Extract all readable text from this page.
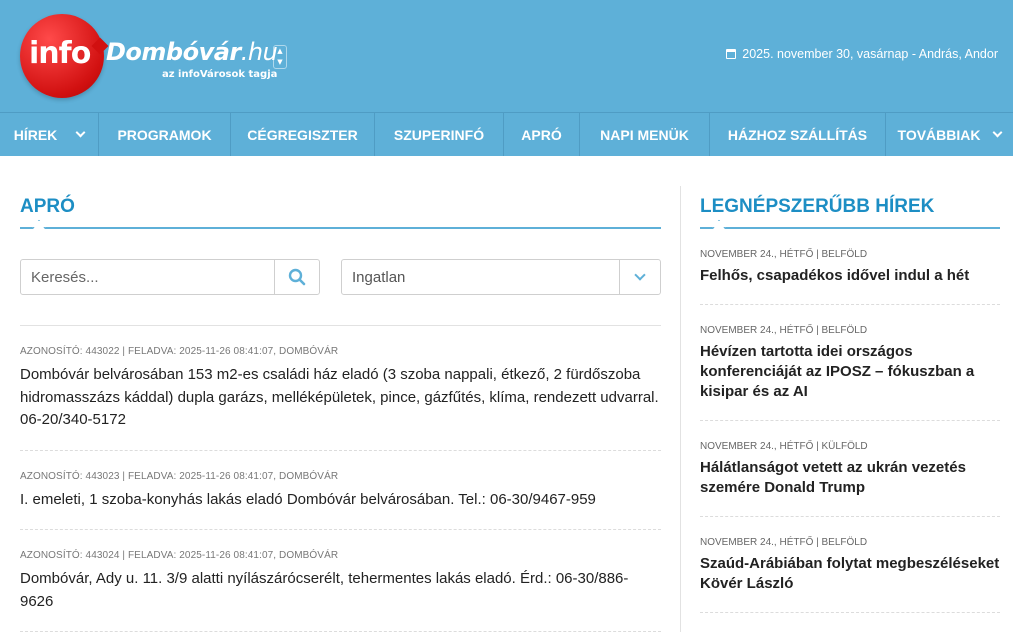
info Dombóvár.hu
az infoVárosok tagja
▲
▼
2025. november 30, vasárnap - András, Andor
HÍREK	PROGRAMOK	CÉGREGISZTER	SZUPERINFÓ	APRÓ	NAPI MENÜK	HÁZHOZ SZÁLLÍTÁS TOVÁBBIAK
APRÓ
Keresés...
Ingatlan
AZONOSÍTÓ: 443022 | FELADVA: 2025-11-26 08:41:07, DOMBÓVÁR
Dombóvár belvárosában 153 m2-es családi ház eladó (3 szoba nappali, étkező, 2 fürdőszoba hidromasszázs káddal) dupla garázs, melléképületek, pince, gázfűtés, klíma, rendezett udvarral. 06-20/340-5172
AZONOSÍTÓ: 443023 | FELADVA: 2025-11-26 08:41:07, DOMBÓVÁR
I. emeleti, 1 szoba-konyhás lakás eladó Dombóvár belvárosában. Tel.: 06-30/9467-959
AZONOSÍTÓ: 443024 | FELADVA: 2025-11-26 08:41:07, DOMBÓVÁR
Dombóvár, Ady u. 11. 3/9 alatti nyílászárócserélt, tehermentes lakás eladó. Érd.: 06-30/886-9626
LEGNÉPSZERŰBB HÍREK
NOVEMBER 24., HÉTFŐ | BELFÖLD
Felhős, csapadékos idővel indul a hét
NOVEMBER 24., HÉTFŐ | BELFÖLD
Hévízen tartotta idei országos konferenciáját az IPOSZ – fókuszban a kisipar és az AI
NOVEMBER 24., HÉTFŐ | KÜLFÖLD
Hálátlanságot vetett az ukrán vezetés szemére Donald Trump
NOVEMBER 24., HÉTFŐ | BELFÖLD
Szaúd-Arábiában folytat megbeszéléseket Kövér László
